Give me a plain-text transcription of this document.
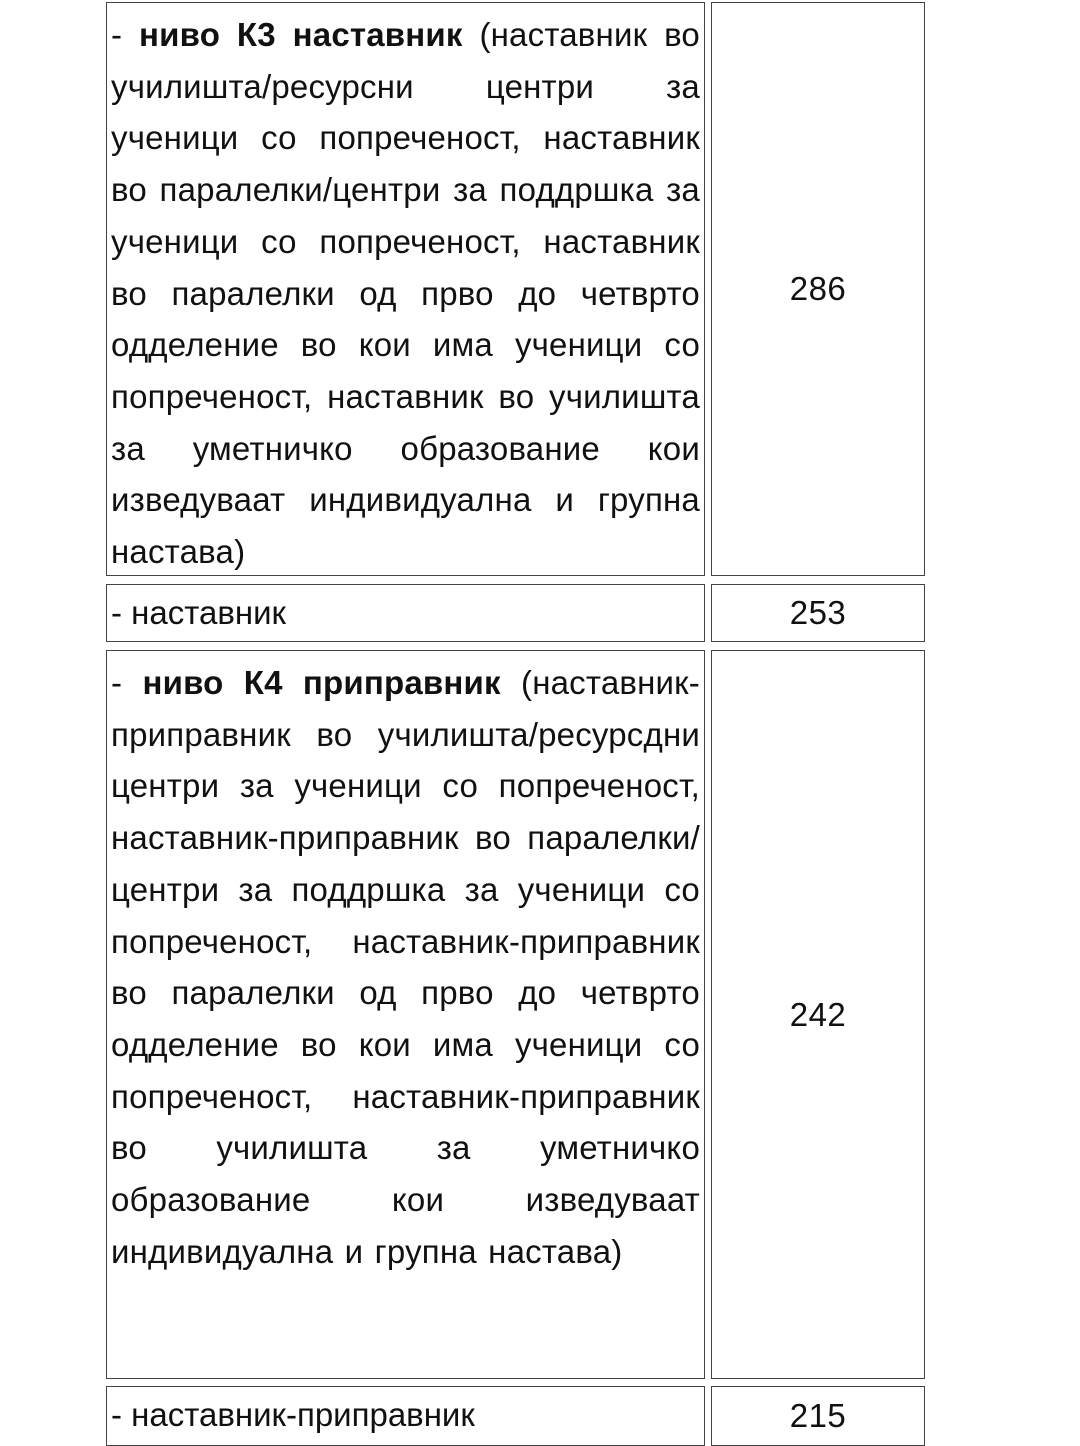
- ниво К3 наставник (наставник во училишта/ресурсни центри за ученици со попреченост, наставник во паралелки/центри за поддршка за ученици со попреченост, наставник во паралелки од прво до четврто одделение во кои има ученици со попреченост, наставник во училишта за уметничко образование кои изведуваат индивидуална и групна настава)

286

- наставник	253

- ниво К4 приправник (наставник-приправник во училишта/ресурсдни центри за ученици со попреченост, наставник-приправник во паралелки/центри за поддршка за ученици со попреченост, наставник-приправник во паралелки од прво до четврто одделение во кои има ученици со попреченост, наставник-приправник во училишта за уметничко образование кои изведуваат индивидуална и групна настава)

242

- наставник-приправник	215
